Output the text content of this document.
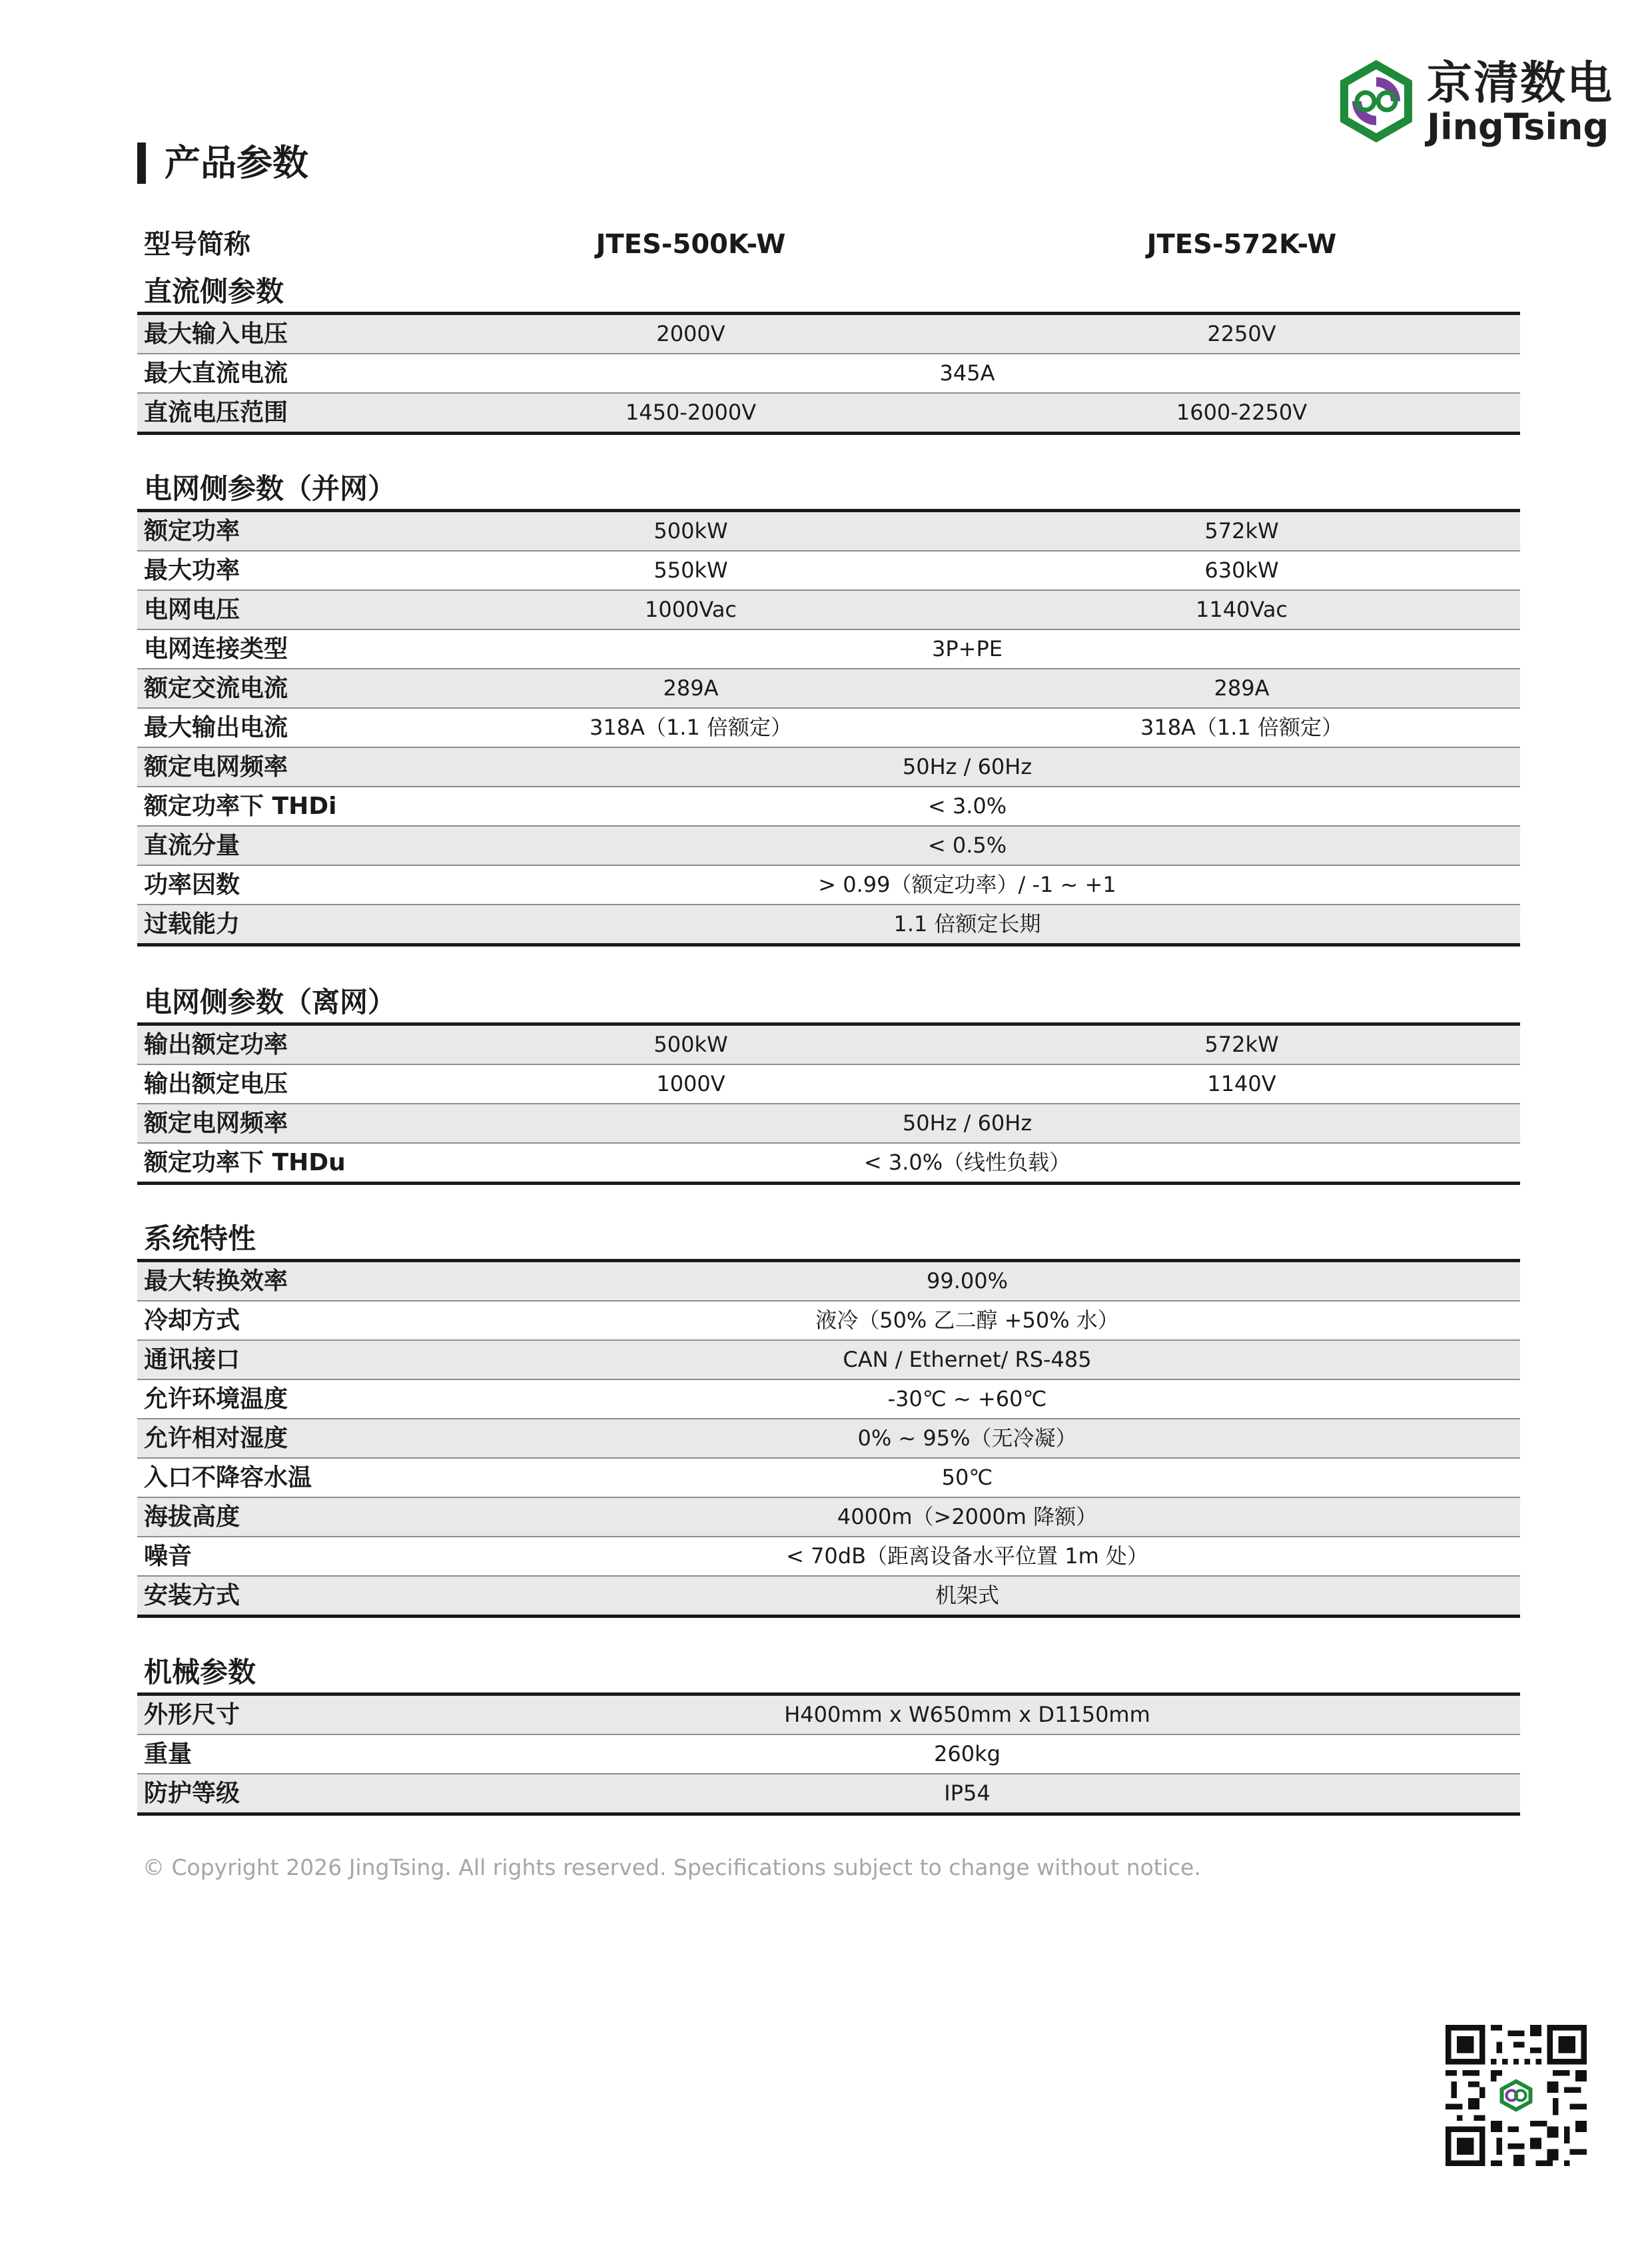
京清数电
JingTsing
产品参数
型号简称	JTES-500K-W	JTES-572K-W
直流侧参数
最大输入电压	2000V	2250V
最大直流电流	345A
直流电压范围	1450-2000V	1600-2250V
电网侧参数（并网）
额定功率	500kW	572kW
最大功率	550kW	630kW
电网电压	1000Vac	1140Vac
电网连接类型	3P+PE
额定交流电流	289A	289A
最大输出电流	318A（1.1 倍额定）	318A（1.1 倍额定）
额定电网频率	50Hz / 60Hz
额定功率下 THDi	< 3.0%
直流分量	< 0.5%
功率因数	> 0.99（额定功率）/ -1 ~ +1
过载能力	1.1 倍额定长期
电网侧参数（离网）
输出额定功率	500kW	572kW
输出额定电压	1000V	1140V
额定电网频率	50Hz / 60Hz
额定功率下 THDu	< 3.0%（线性负载）
系统特性
最大转换效率	99.00%
冷却方式	液冷（50% 乙二醇 +50% 水）
通讯接口	CAN / Ethernet/ RS-485
允许环境温度	-30℃ ~ +60℃
允许相对湿度	0% ~ 95%（无冷凝）
入口不降容水温	50℃
海拔高度	4000m（>2000m 降额）
噪音	< 70dB（距离设备水平位置 1m 处）
安装方式	机架式
机械参数
外形尺寸	H400mm x W650mm x D1150mm
重量	260kg
防护等级	IP54
© Copyright 2026 JingTsing. All rights reserved. Specifications subject to change without notice.
